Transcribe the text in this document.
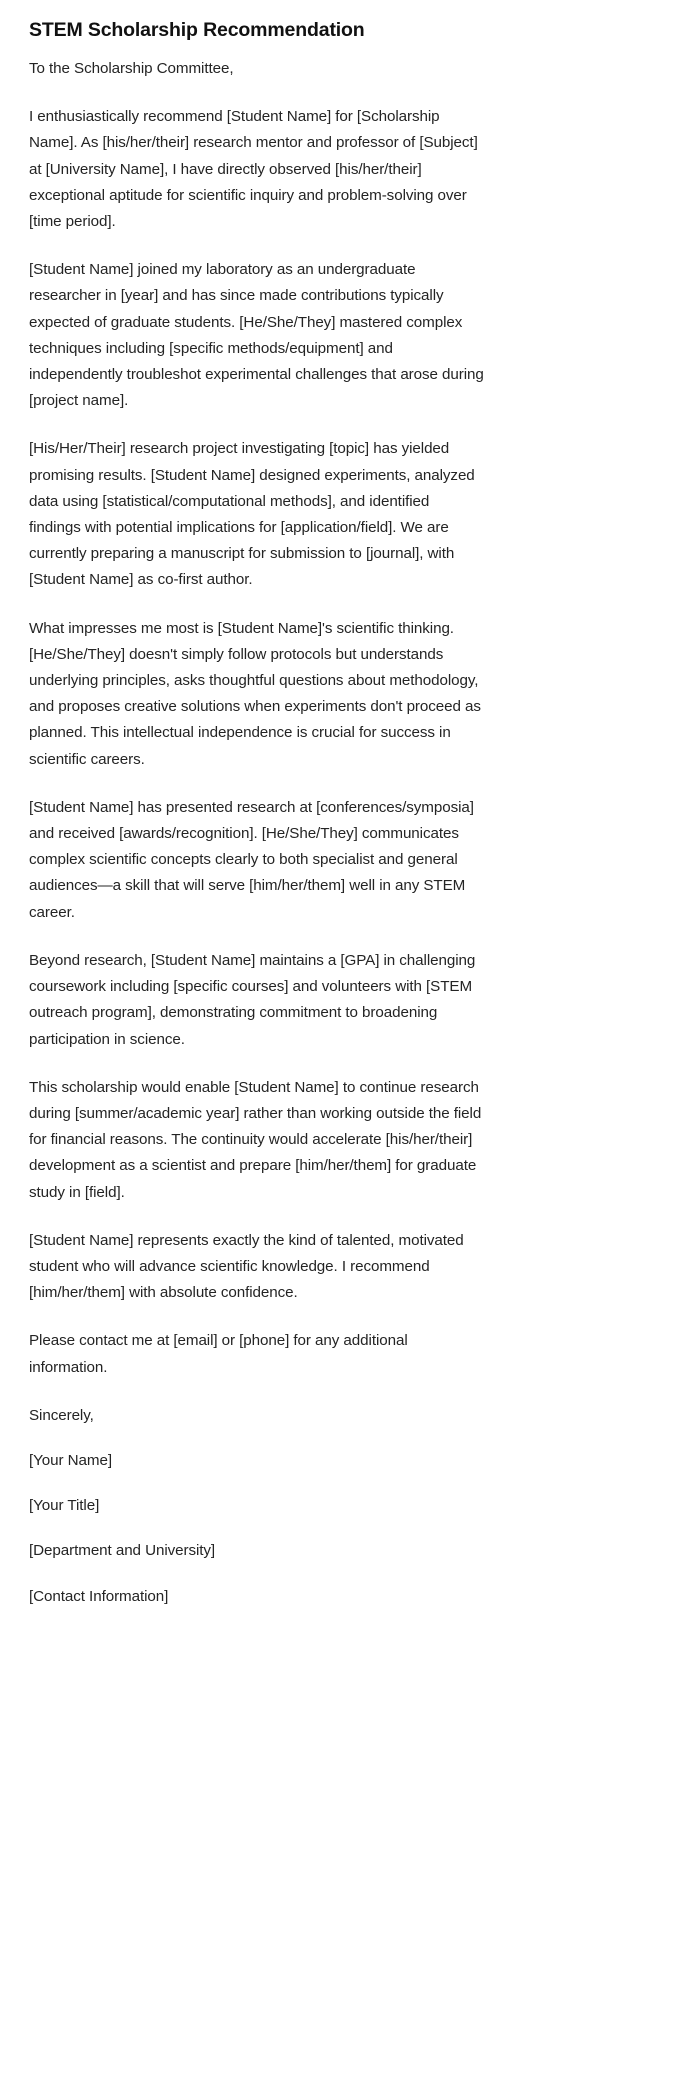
STEM Scholarship Recommendation

To the Scholarship Committee,

I enthusiastically recommend [Student Name] for [Scholarship Name]. As [his/her/their] research mentor and professor of [Subject] at [University Name], I have directly observed [his/her/their] exceptional aptitude for scientific inquiry and problem-solving over [time period].

[Student Name] joined my laboratory as an undergraduate researcher in [year] and has since made contributions typically expected of graduate students. [He/She/They] mastered complex techniques including [specific methods/equipment] and independently troubleshot experimental challenges that arose during [project name].

[His/Her/Their] research project investigating [topic] has yielded promising results. [Student Name] designed experiments, analyzed data using [statistical/computational methods], and identified findings with potential implications for [application/field]. We are currently preparing a manuscript for submission to [journal], with [Student Name] as co-first author.

What impresses me most is [Student Name]'s scientific thinking. [He/She/They] doesn't simply follow protocols but understands underlying principles, asks thoughtful questions about methodology, and proposes creative solutions when experiments don't proceed as planned. This intellectual independence is crucial for success in scientific careers.

[Student Name] has presented research at [conferences/symposia] and received [awards/recognition]. [He/She/They] communicates complex scientific concepts clearly to both specialist and general audiences—a skill that will serve [him/her/them] well in any STEM career.

Beyond research, [Student Name] maintains a [GPA] in challenging coursework including [specific courses] and volunteers with [STEM outreach program], demonstrating commitment to broadening participation in science.

This scholarship would enable [Student Name] to continue research during [summer/academic year] rather than working outside the field for financial reasons. The continuity would accelerate [his/her/their] development as a scientist and prepare [him/her/them] for graduate study in [field].

[Student Name] represents exactly the kind of talented, motivated student who will advance scientific knowledge. I recommend [him/her/them] with absolute confidence.

Please contact me at [email] or [phone] for any additional information.

Sincerely,

[Your Name]

[Your Title]

[Department and University]

[Contact Information]
